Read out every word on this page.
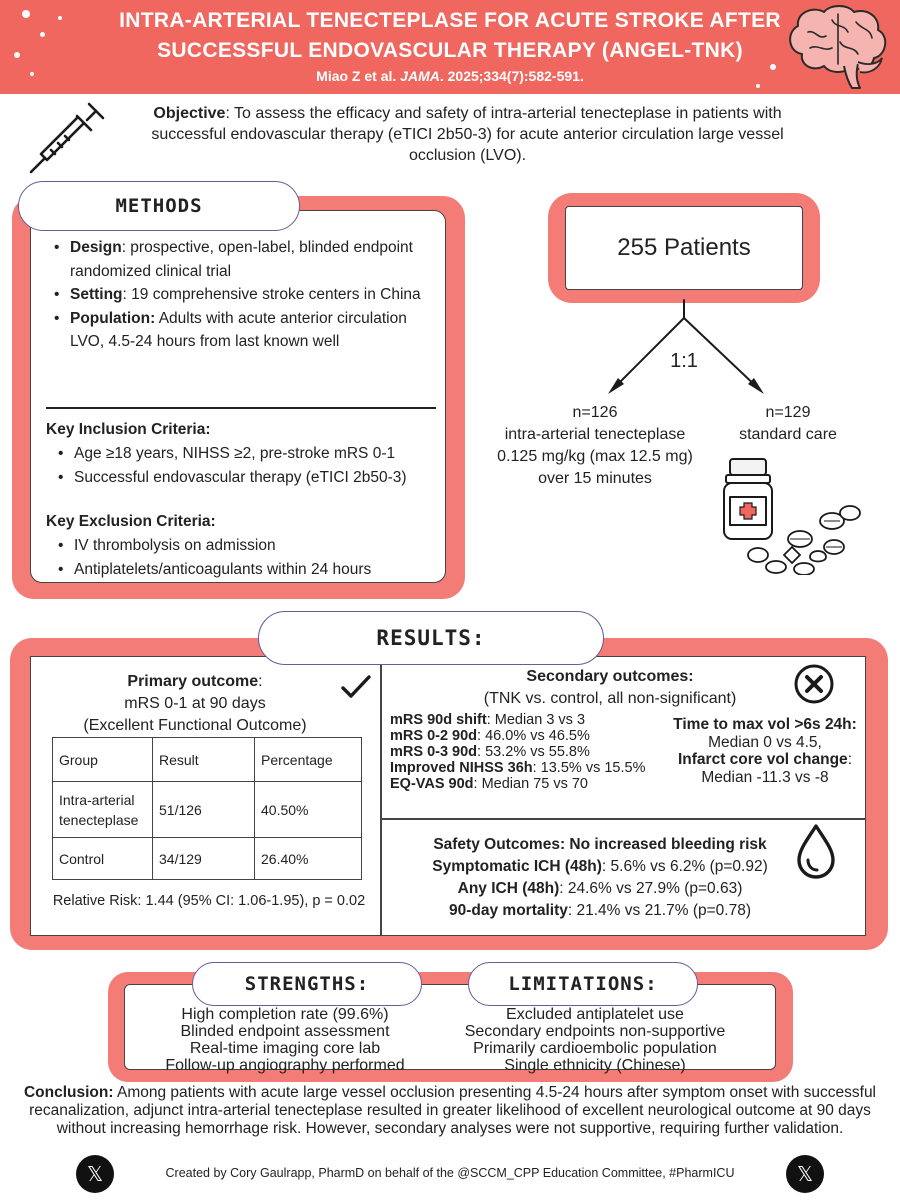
INTRA-ARTERIAL TENECTEPLASE FOR ACUTE STROKE AFTER
SUCCESSFUL ENDOVASCULAR THERAPY (ANGEL-TNK)
Miao Z et al. JAMA. 2025;334(7):582-591.
Objective: To assess the efficacy and safety of intra-arterial tenecteplase in patients with successful endovascular therapy (eTICI 2b50-3) for acute anterior circulation large vessel occlusion (LVO).
METHODS
• Design: prospective, open-label, blinded endpoint randomized clinical trial
• Setting: 19 comprehensive stroke centers in China
• Population: Adults with acute anterior circulation LVO, 4.5-24 hours from last known well
Key Inclusion Criteria:
• Age ≥18 years, NIHSS ≥2, pre-stroke mRS 0-1
• Successful endovascular therapy (eTICI 2b50-3)
Key Exclusion Criteria:
• IV thrombolysis on admission
• Antiplatelets/anticoagulants within 24 hours
255 Patients
1:1
n=126
intra-arterial tenecteplase
0.125 mg/kg (max 12.5 mg)
over 15 minutes
n=129
standard care
RESULTS:
Primary outcome:
mRS 0-1 at 90 days
(Excellent Functional Outcome)
Group	Result	Percentage
Intra-arterial tenecteplase	51/126	40.50%
Control	34/129	26.40%
Relative Risk: 1.44 (95% CI: 1.06-1.95), p = 0.02
Secondary outcomes:
(TNK vs. control, all non-significant)
mRS 90d shift: Median 3 vs 3
mRS 0-2 90d: 46.0% vs 46.5%
mRS 0-3 90d: 53.2% vs 55.8%
Improved NIHSS 36h: 13.5% vs 15.5%
EQ-VAS 90d: Median 75 vs 70
Time to max vol >6s 24h:
Median 0 vs 4.5,
Infarct core vol change:
Median -11.3 vs -8
Safety Outcomes: No increased bleeding risk
Symptomatic ICH (48h): 5.6% vs 6.2% (p=0.92)
Any ICH (48h): 24.6% vs 27.9% (p=0.63)
90-day mortality: 21.4% vs 21.7% (p=0.78)
STRENGTHS:	LIMITATIONS:
High completion rate (99.6%)
Blinded endpoint assessment
Real-time imaging core lab
Follow-up angiography performed
Excluded antiplatelet use
Secondary endpoints non-supportive
Primarily cardioembolic population
Single ethnicity (Chinese)
Conclusion: Among patients with acute large vessel occlusion presenting 4.5-24 hours after symptom onset with successful recanalization, adjunct intra-arterial tenecteplase resulted in greater likelihood of excellent neurological outcome at 90 days without increasing hemorrhage risk. However, secondary analyses were not supportive, requiring further validation.
𝕏	Created by Cory Gaulrapp, PharmD on behalf of the @SCCM_CPP Education Committee, #PharmICU	𝕏
